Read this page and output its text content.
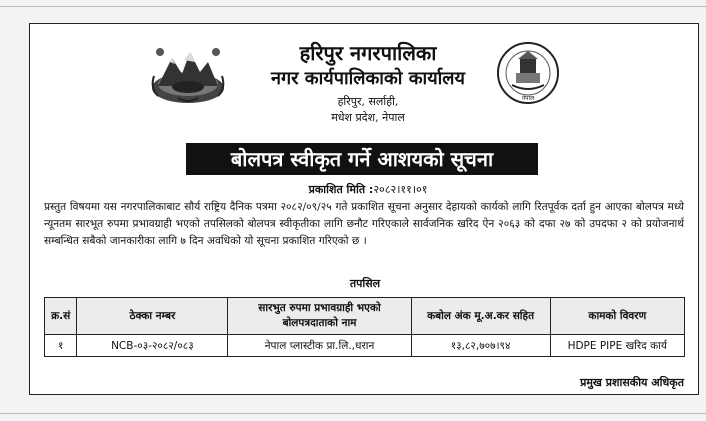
हरिपुर नगरपालिका
नगर कार्यपालिकाको कार्यालय
हरिपुर, सर्लाही,
मधेश प्रदेश, नेपाल
नेपाल
बोलपत्र स्वीकृत गर्ने आशयको सूचना
प्रकाशित मिति :२०८२।११।०१
प्रस्तुत विषयमा यस नगरपालिकाबाट सौर्य राष्ट्रिय दैनिक पत्रमा २०८२/०९/२५ गते प्रकाशित सूचना अनुसार देहायको कार्यको लागि रितपूर्वक दर्ता हुन आएका बोलपत्र मध्ये न्यूनतम सारभूत रुपमा प्रभावग्राही भएको तपसिलको बोलपत्र स्वीकृतीका लागि छनौट गरिएकाले सार्वजनिक खरिद ऐन २०६३ को दफा २७ को उपदफा २ को प्रयोजनार्थ सम्बन्धित सबैको जानकारीका लागि ७ दिन अवधिको यो सूचना प्रकाशित गरिएको छ ।
तपसिल
क्र.सं	ठेक्का नम्बर	सारभुत रुपमा प्रभावग्राही भएको बोलपत्रदाताको नाम	कबोल अंक मू.अ.कर सहित	कामको विवरण
१	NCB-०३-२०८२/०८३	नेपाल प्लास्टीक प्रा.लि.,धरान	१३,८२,७०७।९४	HDPE PIPE खरिद कार्य
प्रमुख प्रशासकीय अधिकृत
